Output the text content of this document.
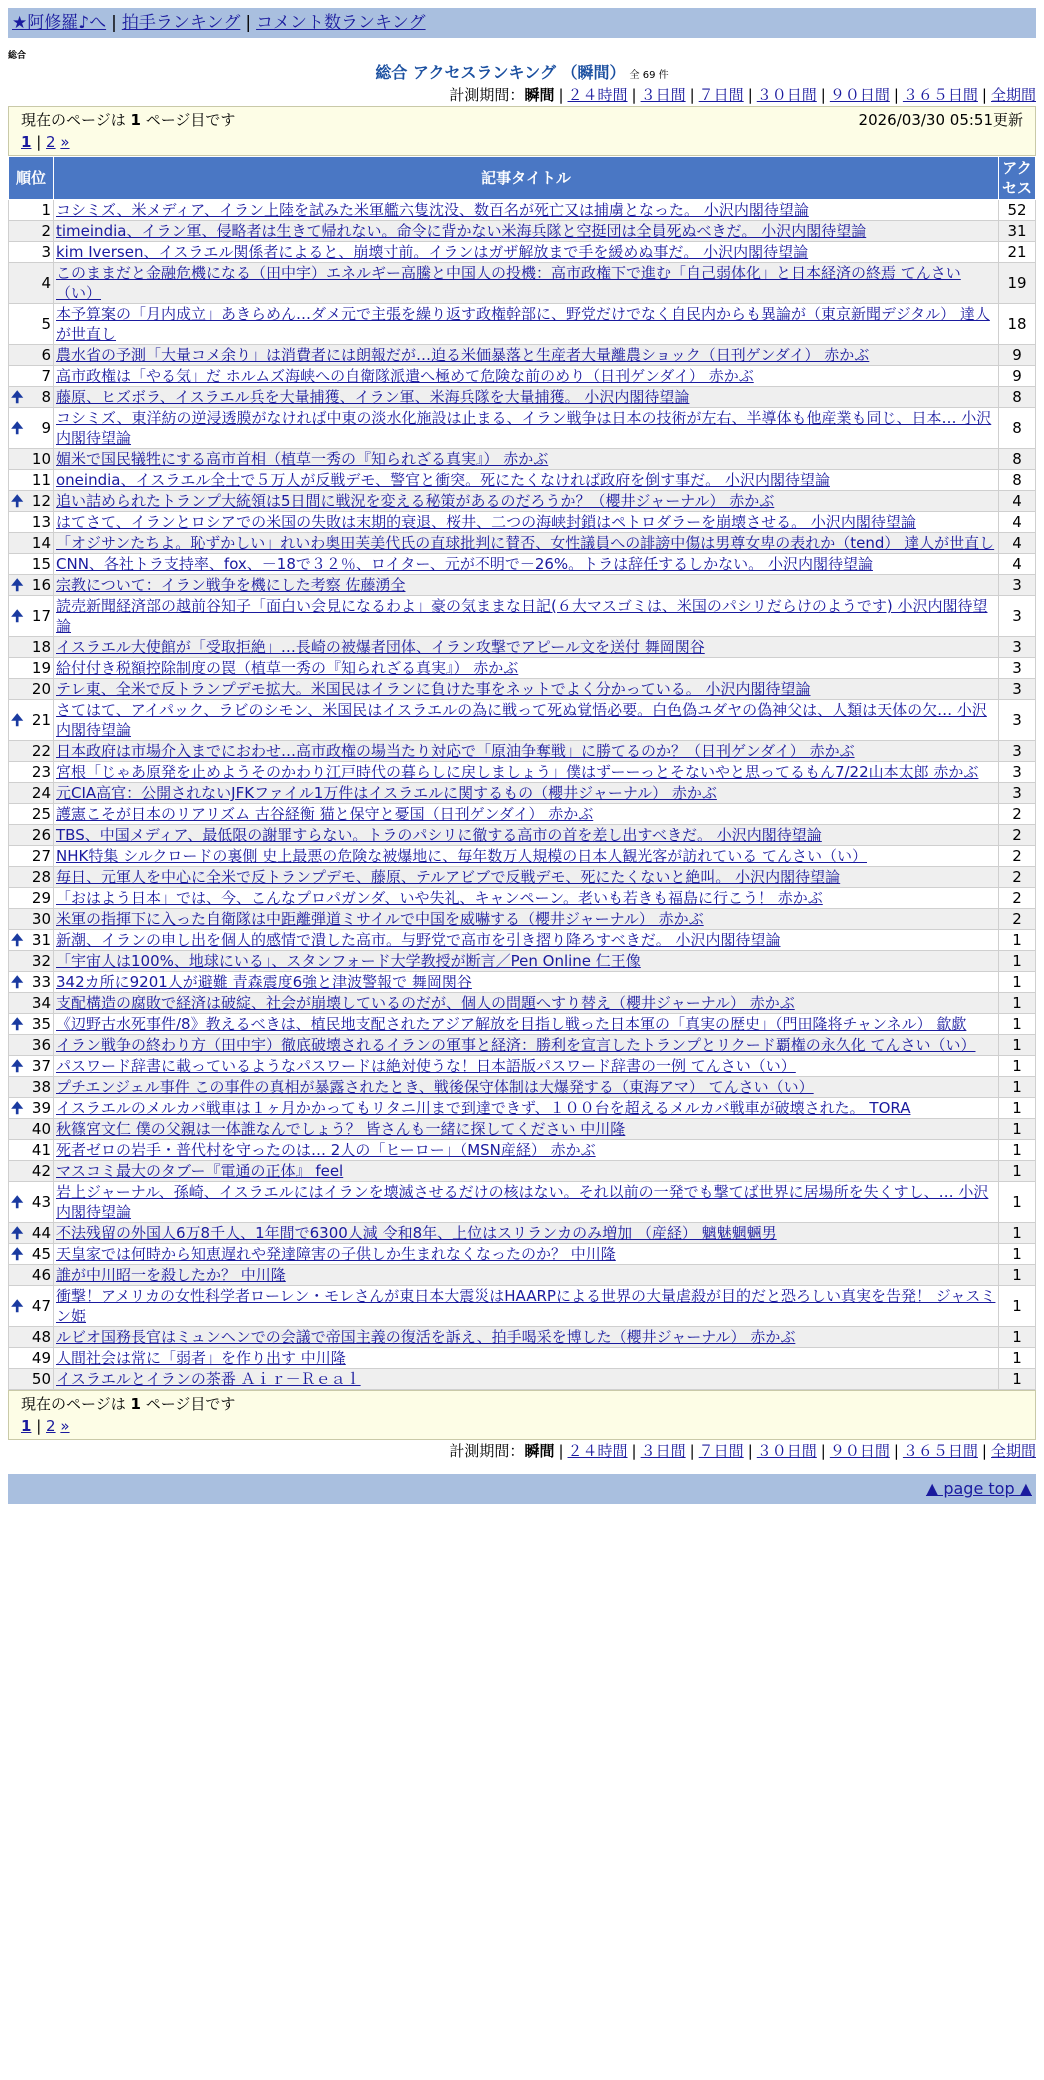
★阿修羅♪へ | 拍手ランキング | コメント数ランキング
総合
総合 アクセスランキング （瞬間） 全 69 件
計測期間：瞬間 | ２４時間 | ３日間 | ７日間 | ３０日間 | ９０日間 | ３６５日間 | 全期間
現在のページは 1 ページ目です	2026/03/30 05:51更新
1 | 2 »
順位	記事タイトル	アクセス
1	コシミズ、米メディア、イラン上陸を試みた米軍艦六隻沈没、数百名が死亡又は捕虜となった。 小沢内閣待望論	52
2	timeindia、イラン軍、侵略者は生きて帰れない。命令に背かない米海兵隊と空挺団は全員死ぬべきだ。 小沢内閣待望論	31
3	kim Iversen、イスラエル関係者によると、崩壊寸前。イランはガザ解放まで手を緩めぬ事だ。 小沢内閣待望論	21
4	このままだと金融危機になる（田中宇）エネルギー高騰と中国人の投機：高市政権下で進む「自己弱体化」と日本経済の終焉 てんさい（い）	19
5	本予算案の「月内成立」あきらめん…ダメ元で主張を繰り返す政権幹部に、野党だけでなく自民内からも異論が（東京新聞デジタル） 達人が世直し	18
6	農水省の予測「大量コメ余り」は消費者には朗報だが…迫る米価暴落と生産者大量離農ショック（日刊ゲンダイ） 赤かぶ	9
7	高市政権は「やる気」だ ホルムズ海峡への自衛隊派遣へ極めて危険な前のめり（日刊ゲンダイ） 赤かぶ	9

🠉 8	藤原、ヒズボラ、イスラエル兵を大量捕獲、イラン軍、米海兵隊を大量捕獲。 小沢内閣待望論	8

🠉 9	コシミズ、東洋紡の逆浸透膜がなければ中東の淡水化施設は止まる、イラン戦争は日本の技術が左右、半導体も他産業も同じ、日本… 小沢内閣待望論	8
10	媚米で国民犠牲にする高市首相（植草一秀の『知られざる真実』） 赤かぶ	8
11	oneindia、イスラエル全土で５万人が反戦デモ、警官と衝突。死にたくなければ政府を倒す事だ。 小沢内閣待望論	8

🠉 12	追い詰められたトランプ大統領は5日間に戦況を変える秘策があるのだろうか？（櫻井ジャーナル） 赤かぶ	4
13	はてさて、イランとロシアでの米国の失敗は末期的衰退、桜井、二つの海峡封鎖はペトロダラーを崩壊させる。 小沢内閣待望論	4
14	「オジサンたちよ。恥ずかしい」れいわ奥田芙美代氏の直球批判に賛否、女性議員への誹謗中傷は男尊女卑の表れか（tend） 達人が世直し	4
15	CNN、各社トラ支持率、fox、－18で３２％、ロイター、元が不明で－26%。トラは辞任するしかない。 小沢内閣待望論	4

🠉 16	宗教について：イラン戦争を機にした考察 佐藤湧全	3

🠉 17	読売新聞経済部の越前谷知子「面白い会見になるわよ」豪の気ままな日記(６大マスゴミは、米国のパシリだらけのようです) 小沢内閣待望論	3
18	イスラエル大使館が「受取拒絶」…長崎の被爆者団体、イラン攻撃でアピール文を送付 舞岡関谷	3
19	給付付き税額控除制度の罠（植草一秀の『知られざる真実』） 赤かぶ	3
20	テレ東、全米で反トランプデモ拡大。米国民はイランに負けた事をネットでよく分かっている。 小沢内閣待望論	3

🠉 21	さてはて、アイパック、ラビのシモン、米国民はイスラエルの為に戦って死ぬ覚悟必要。白色偽ユダヤの偽神父は、人類は天体の欠… 小沢内閣待望論	3
22	日本政府は市場介入までにおわせ…高市政権の場当たり対応で「原油争奪戦」に勝てるのか？（日刊ゲンダイ） 赤かぶ	3
23	宮根「じゃあ原発を止めようそのかわり江戸時代の暮らしに戻しましょう」僕はずーーっとそないやと思ってるもん7/22山本太郎 赤かぶ	3
24	元CIA高官：公開されないJFKファイル1万件はイスラエルに関するもの（櫻井ジャーナル） 赤かぶ	3
25	護憲こそが日本のリアリズム 古谷経衡 猫と保守と憂国（日刊ゲンダイ） 赤かぶ	2
26	TBS、中国メディア、最低限の謝罪すらない。トラのパシリに徹する高市の首を差し出すべきだ。 小沢内閣待望論	2
27	NHK特集 シルクロードの裏側 史上最悪の危険な被爆地に、毎年数万人規模の日本人観光客が訪れている てんさい（い）	2
28	毎日、元軍人を中心に全米で反トランプデモ、藤原、テルアビブで反戦デモ、死にたくないと絶叫。 小沢内閣待望論	2
29	「おはよう日本」では、今、こんなプロパガンダ、いや失礼、キャンペーン。老いも若きも福島に行こう！ 赤かぶ	2
30	米軍の指揮下に入った自衛隊は中距離弾道ミサイルで中国を威嚇する（櫻井ジャーナル） 赤かぶ	2

🠉 31	新潮、イランの申し出を個人的感情で潰した高市。与野党で高市を引き摺り降ろすべきだ。 小沢内閣待望論	1
32	「宇宙人は100%、地球にいる」、スタンフォード大学教授が断言／Pen Online 仁王像	1

🠉 33	342カ所に9201人が避難 青森震度6強と津波警報で 舞岡関谷	1
34	支配構造の腐敗で経済は破綻、社会が崩壊しているのだが、個人の問題へすり替え（櫻井ジャーナル） 赤かぶ	1

🠉 35	《辺野古水死事件/8》教えるべきは、植民地支配されたアジア解放を目指し戦った日本軍の「真実の歴史」（門田隆将チャンネル） 歙歔	1
36	イラン戦争の終わり方（田中宇）徹底破壊されるイランの軍事と経済：勝利を宣言したトランプとリクード覇権の永久化 てんさい（い）	1

🠉 37	パスワード辞書に載っているようなパスワードは絶対使うな！日本語版パスワード辞書の一例 てんさい（い）	1
38	プチエンジェル事件 この事件の真相が暴露されたとき、戦後保守体制は大爆発する（東海アマ） てんさい（い）	1

🠉 39	イスラエルのメルカバ戦車は１ヶ月かかってもリタニ川まで到達できず、１００台を超えるメルカバ戦車が破壊された。 TORA	1
40	秋篠宮文仁 僕の父親は一体誰なんでしょう？ 皆さんも一緒に探してください 中川隆	1
41	死者ゼロの岩手・普代村を守ったのは… 2人の「ヒーロー」（MSN産経） 赤かぶ	1
42	マスコミ最大のタブー『電通の正体』 feel	1

🠉 43	岩上ジャーナル、孫崎、イスラエルにはイランを壊滅させるだけの核はない。それ以前の一発でも撃てば世界に居場所を失くすし、… 小沢内閣待望論	1

🠉 44	不法残留の外国人6万8千人、1年間で6300人減 令和8年、上位はスリランカのみ増加 （産経） 魑魅魍魎男	1

🠉 45	天皇家では何時から知恵遅れや発達障害の子供しか生まれなくなったのか？ 中川隆	1
46	誰が中川昭一を殺したか？ 中川隆	1

🠉 47	衝撃！アメリカの女性科学者ローレン・モレさんが東日本大震災はHAARPによる世界の大量虐殺が目的だと恐ろしい真実を告発！ ジャスミン姫	1
48	ルビオ国務長官はミュンヘンでの会議で帝国主義の復活を訴え、拍手喝采を博した（櫻井ジャーナル） 赤かぶ	1
49	人間社会は常に「弱者」を作り出す 中川隆	1
50	イスラエルとイランの茶番 Ａｉｒ－Ｒｅａｌ	1
現在のページは 1 ページ目です
1 | 2 »
計測期間：瞬間 | ２４時間 | ３日間 | ７日間 | ３０日間 | ９０日間 | ３６５日間 | 全期間
▲ page top ▲
